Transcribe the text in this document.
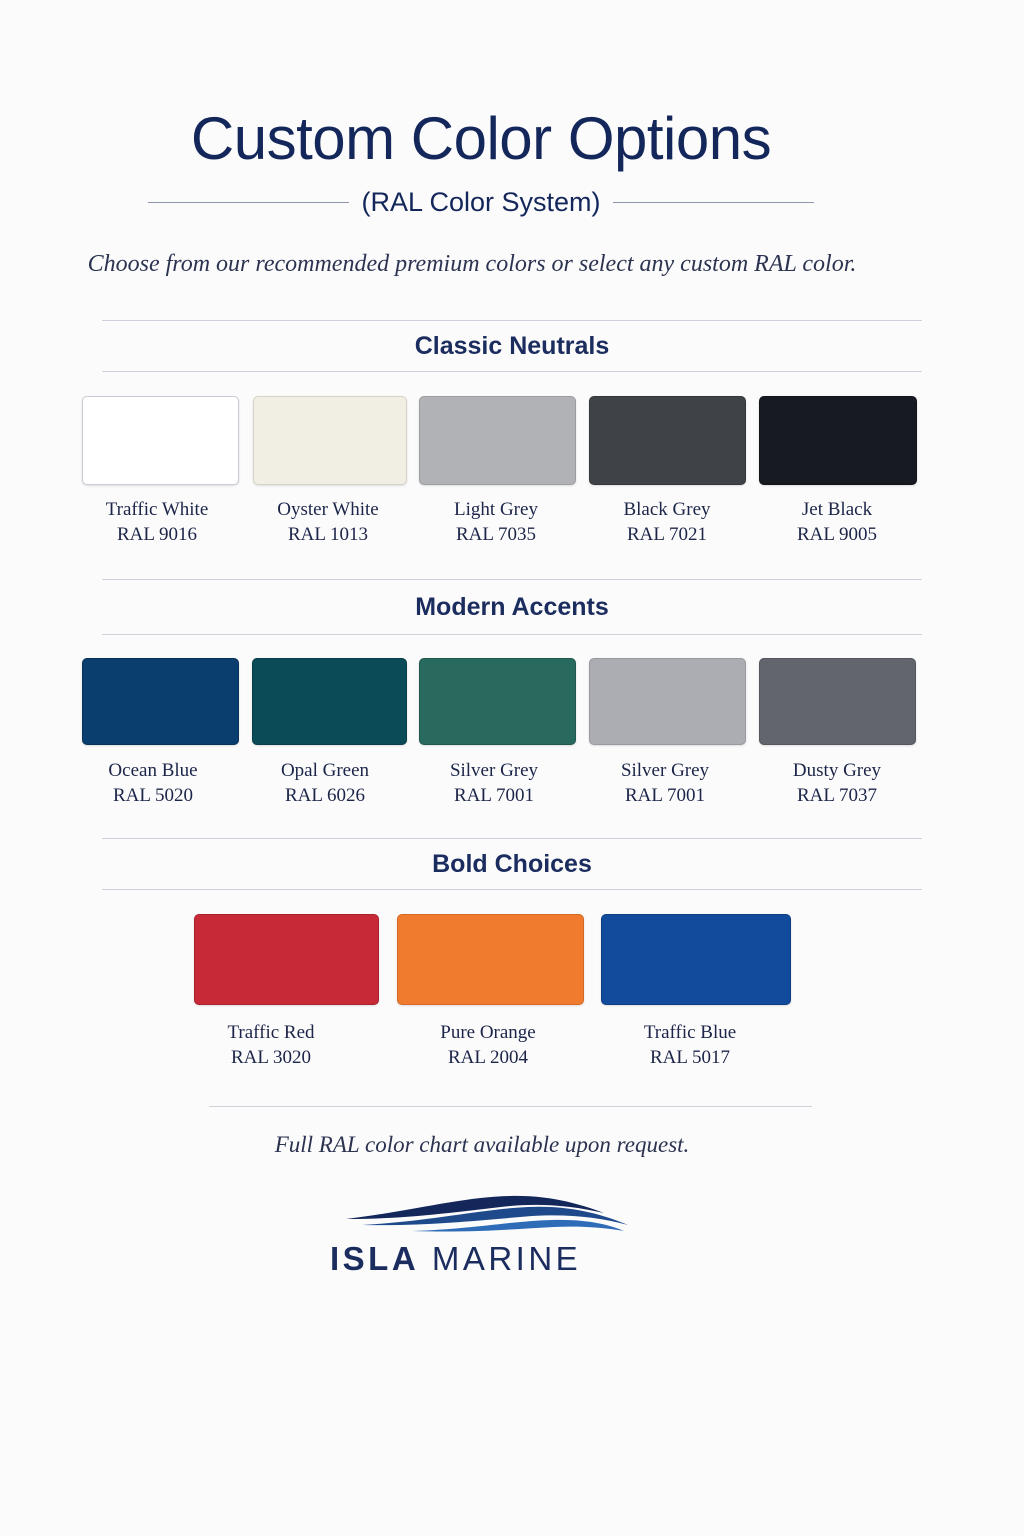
Custom Color Options
(RAL Color System)
Choose from our recommended premium colors or select any custom RAL color.
Classic Neutrals
Traffic White
RAL 9016
Oyster White
RAL 1013
Light Grey
RAL 7035
Black Grey
RAL 7021
Jet Black
RAL 9005
Modern Accents
Ocean Blue
RAL 5020
Opal Green
RAL 6026
Silver Grey
RAL 7001
Silver Grey
RAL 7001
Dusty Grey
RAL 7037
Bold Choices
Traffic Red
RAL 3020
Pure Orange
RAL 2004
Traffic Blue
RAL 5017
Full RAL color chart available upon request.
ISLA MARINE
